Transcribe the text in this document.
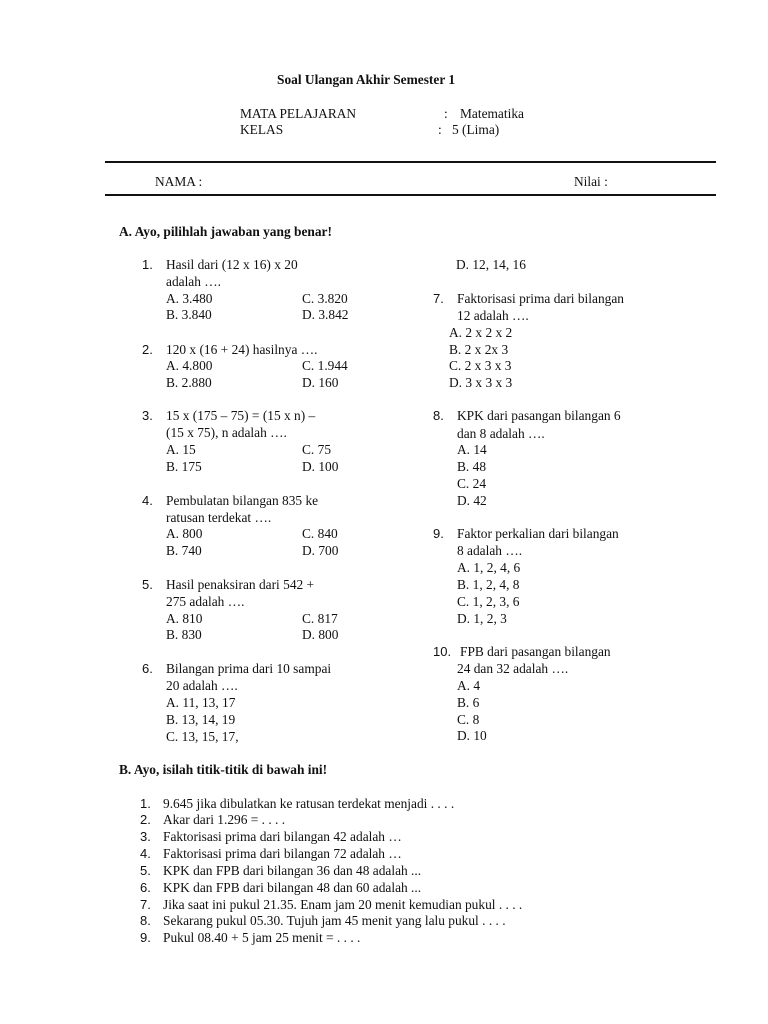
Soal Ulangan Akhir Semester 1
MATA PELAJARAN	: Matematika
KELAS	: 5 (Lima)
NAMA :	Nilai :
A. Ayo, pilihlah jawaban yang benar!
1. Hasil dari (12 x 16) x 20
adalah ….
A. 3.480	C. 3.820
B. 3.840	D. 3.842
2. 120 x (16 + 24) hasilnya ….
A. 4.800	C. 1.944
B. 2.880	D. 160
3. 15 x (175 – 75) = (15 x n) –
(15 x 75), n adalah ….
A. 15	C. 75
B. 175	D. 100
4. Pembulatan bilangan 835 ke
ratusan terdekat ….
A. 800	C. 840
B. 740	D. 700
5. Hasil penaksiran dari 542 +
275 adalah ….
A. 810	C. 817
B. 830	D. 800
6. Bilangan prima dari 10 sampai
20 adalah ….
A. 11, 13, 17
B. 13, 14, 19
C. 13, 15, 17,
D. 12, 14, 16
7. Faktorisasi prima dari bilangan
12 adalah ….
A. 2 x 2 x 2
B. 2 x 2x 3
C. 2 x 3 x 3
D. 3 x 3 x 3
8. KPK dari pasangan bilangan 6
dan 8 adalah ….
A. 14
B. 48
C. 24
D. 42
9. Faktor perkalian dari bilangan
8 adalah ….
A. 1, 2, 4, 6
B. 1, 2, 4, 8
C. 1, 2, 3, 6
D. 1, 2, 3
10. FPB dari pasangan bilangan
24 dan 32 adalah ….
A. 4
B. 6
C. 8
D. 10
B. Ayo, isilah titik-titik di bawah ini!
1. 9.645 jika dibulatkan ke ratusan terdekat menjadi . . . .
2. Akar dari 1.296 = . . . .
3. Faktorisasi prima dari bilangan 42 adalah …
4. Faktorisasi prima dari bilangan 72 adalah …
5. KPK dan FPB dari bilangan 36 dan 48 adalah ...
6. KPK dan FPB dari bilangan 48 dan 60 adalah ...
7. Jika saat ini pukul 21.35. Enam jam 20 menit kemudian pukul . . . .
8. Sekarang pukul 05.30. Tujuh jam 45 menit yang lalu pukul . . . .
9. Pukul 08.40 + 5 jam 25 menit = . . . .
